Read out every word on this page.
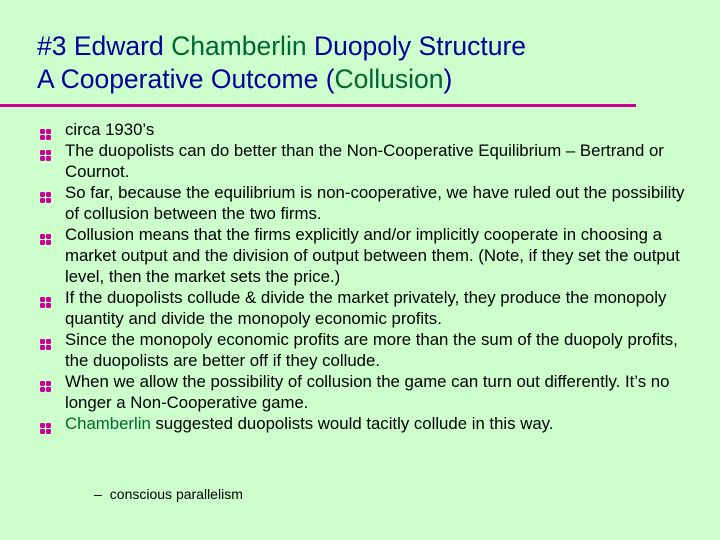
#3 Edward Chamberlin Duopoly Structure
A Cooperative Outcome (Collusion)
circa 1930’s
The duopolists can do better than the Non-Cooperative Equilibrium – Bertrand or Cournot.
So far, because the equilibrium is non-cooperative, we have ruled out the possibility of collusion between the two firms.
Collusion means that the firms explicitly and/or implicitly cooperate in choosing a market output and the division of output between them. (Note, if they set the output level, then the market sets the price.)
If the duopolists collude & divide the market privately, they produce the monopoly quantity and divide the monopoly economic profits.
Since the monopoly economic profits are more than the sum of the duopoly profits, the duopolists are better off if they collude.
When we allow the possibility of collusion the game can turn out differently. It’s no longer a Non-Cooperative game.
Chamberlin suggested duopolists would tacitly collude in this way.

– conscious parallelism
